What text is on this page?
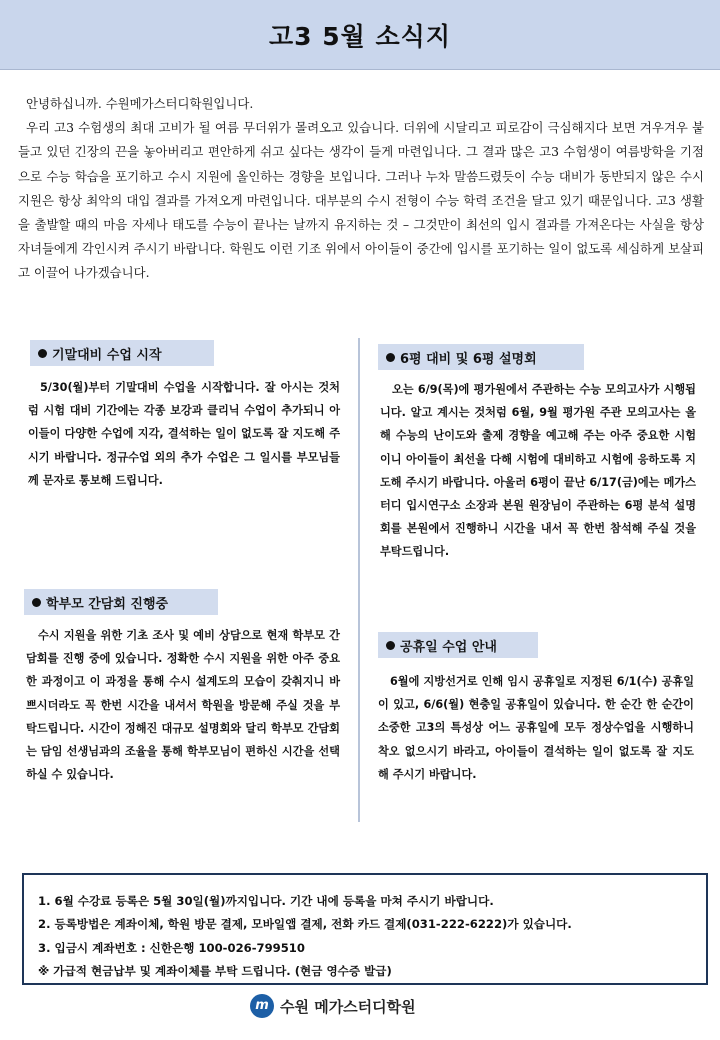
고3 5월 소식지

안녕하십니까. 수원메가스터디학원입니다.

우리 고3 수험생의 최대 고비가 될 여름 무더위가 몰려오고 있습니다. 더위에 시달리고 피로감이 극심해지다 보면 겨우겨우 붙들고 있던 긴장의 끈을 놓아버리고 편안하게 쉬고 싶다는 생각이 들게 마련입니다. 그 결과 많은 고3 수험생이 여름방학을 기점으로 수능 학습을 포기하고 수시 지원에 올인하는 경향을 보입니다. 그러나 누차 말씀드렸듯이 수능 대비가 동반되지 않은 수시 지원은 항상 최악의 대입 결과를 가져오게 마련입니다. 대부분의 수시 전형이 수능 학력 조건을 달고 있기 때문입니다. 고3 생활을 출발할 때의 마음 자세나 태도를 수능이 끝나는 날까지 유지하는 것 – 그것만이 최선의 입시 결과를 가져온다는 사실을 항상 자녀들에게 각인시켜 주시기 바랍니다. 학원도 이런 기조 위에서 아이들이 중간에 입시를 포기하는 일이 없도록 세심하게 보살피고 이끌어 나가겠습니다.

기말대비 수업 시작

5/30(월)부터 기말대비 수업을 시작합니다. 잘 아시는 것처럼 시험 대비 기간에는 각종 보강과 클리닉 수업이 추가되니 아이들이 다양한 수업에 지각, 결석하는 일이 없도록 잘 지도해 주시기 바랍니다. 정규수업 외의 추가 수업은 그 일시를 부모님들께 문자로 통보해 드립니다.

6평 대비 및 6평 설명회

오는 6/9(목)에 평가원에서 주관하는 수능 모의고사가 시행됩니다. 알고 계시는 것처럼 6월, 9월 평가원 주관 모의고사는 올해 수능의 난이도와 출제 경향을 예고해 주는 아주 중요한 시험이니 아이들이 최선을 다해 시험에 대비하고 시험에 응하도록 지도해 주시기 바랍니다. 아울러 6평이 끝난 6/17(금)에는 메가스터디 입시연구소 소장과 본원 원장님이 주관하는 6평 분석 설명회를 본원에서 진행하니 시간을 내서 꼭 한번 참석해 주실 것을 부탁드립니다.

학부모 간담회 진행중

수시 지원을 위한 기초 조사 및 예비 상담으로 현재 학부모 간담회를 진행 중에 있습니다. 정확한 수시 지원을 위한 아주 중요한 과정이고 이 과정을 통해 수시 설계도의 모습이 갖춰지니 바쁘시더라도 꼭 한번 시간을 내셔서 학원을 방문해 주실 것을 부탁드립니다. 시간이 정해진 대규모 설명회와 달리 학부모 간담회는 담임 선생님과의 조율을 통해 학부모님이 편하신 시간을 선택하실 수 있습니다.

공휴일 수업 안내

6월에 지방선거로 인해 임시 공휴일로 지정된 6/1(수) 공휴일이 있고, 6/6(월) 현충일 공휴일이 있습니다. 한 순간 한 순간이 소중한 고3의 특성상 어느 공휴일에 모두 정상수업을 시행하니 착오 없으시기 바라고, 아이들이 결석하는 일이 없도록 잘 지도해 주시기 바랍니다.

1. 6월 수강료 등록은 5월 30일(월)까지입니다. 기간 내에 등록을 마쳐 주시기 바랍니다.
2. 등록방법은 계좌이체, 학원 방문 결제, 모바일앱 결제, 전화 카드 결제(031-222-6222)가 있습니다.
3. 입금시 계좌번호 : 신한은행 100-026-799510
※ 가급적 현금납부 및 계좌이체를 부탁 드립니다. (현금 영수증 발급)
m 수원 메가스터디학원
